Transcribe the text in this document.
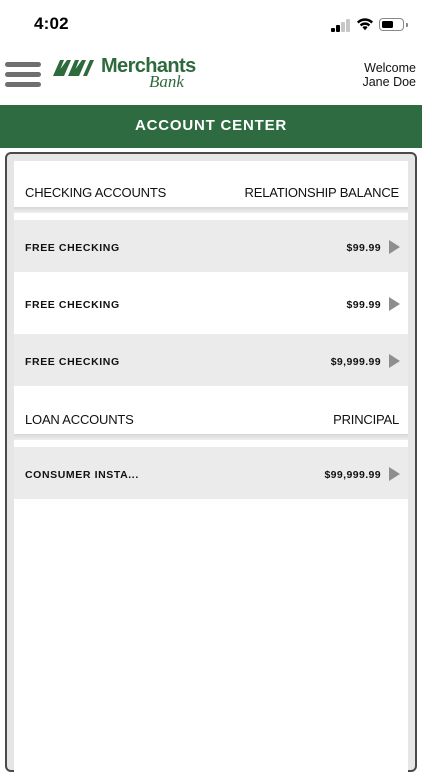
4:02
Merchants
Bank
Welcome
Jane Doe
ACCOUNT CENTER
CHECKING ACCOUNTS	RELATIONSHIP BALANCE
FREE CHECKING	$99.99
FREE CHECKING	$99.99
FREE CHECKING	$9,999.99
LOAN ACCOUNTS	PRINCIPAL
CONSUMER INSTA...	$99,999.99
